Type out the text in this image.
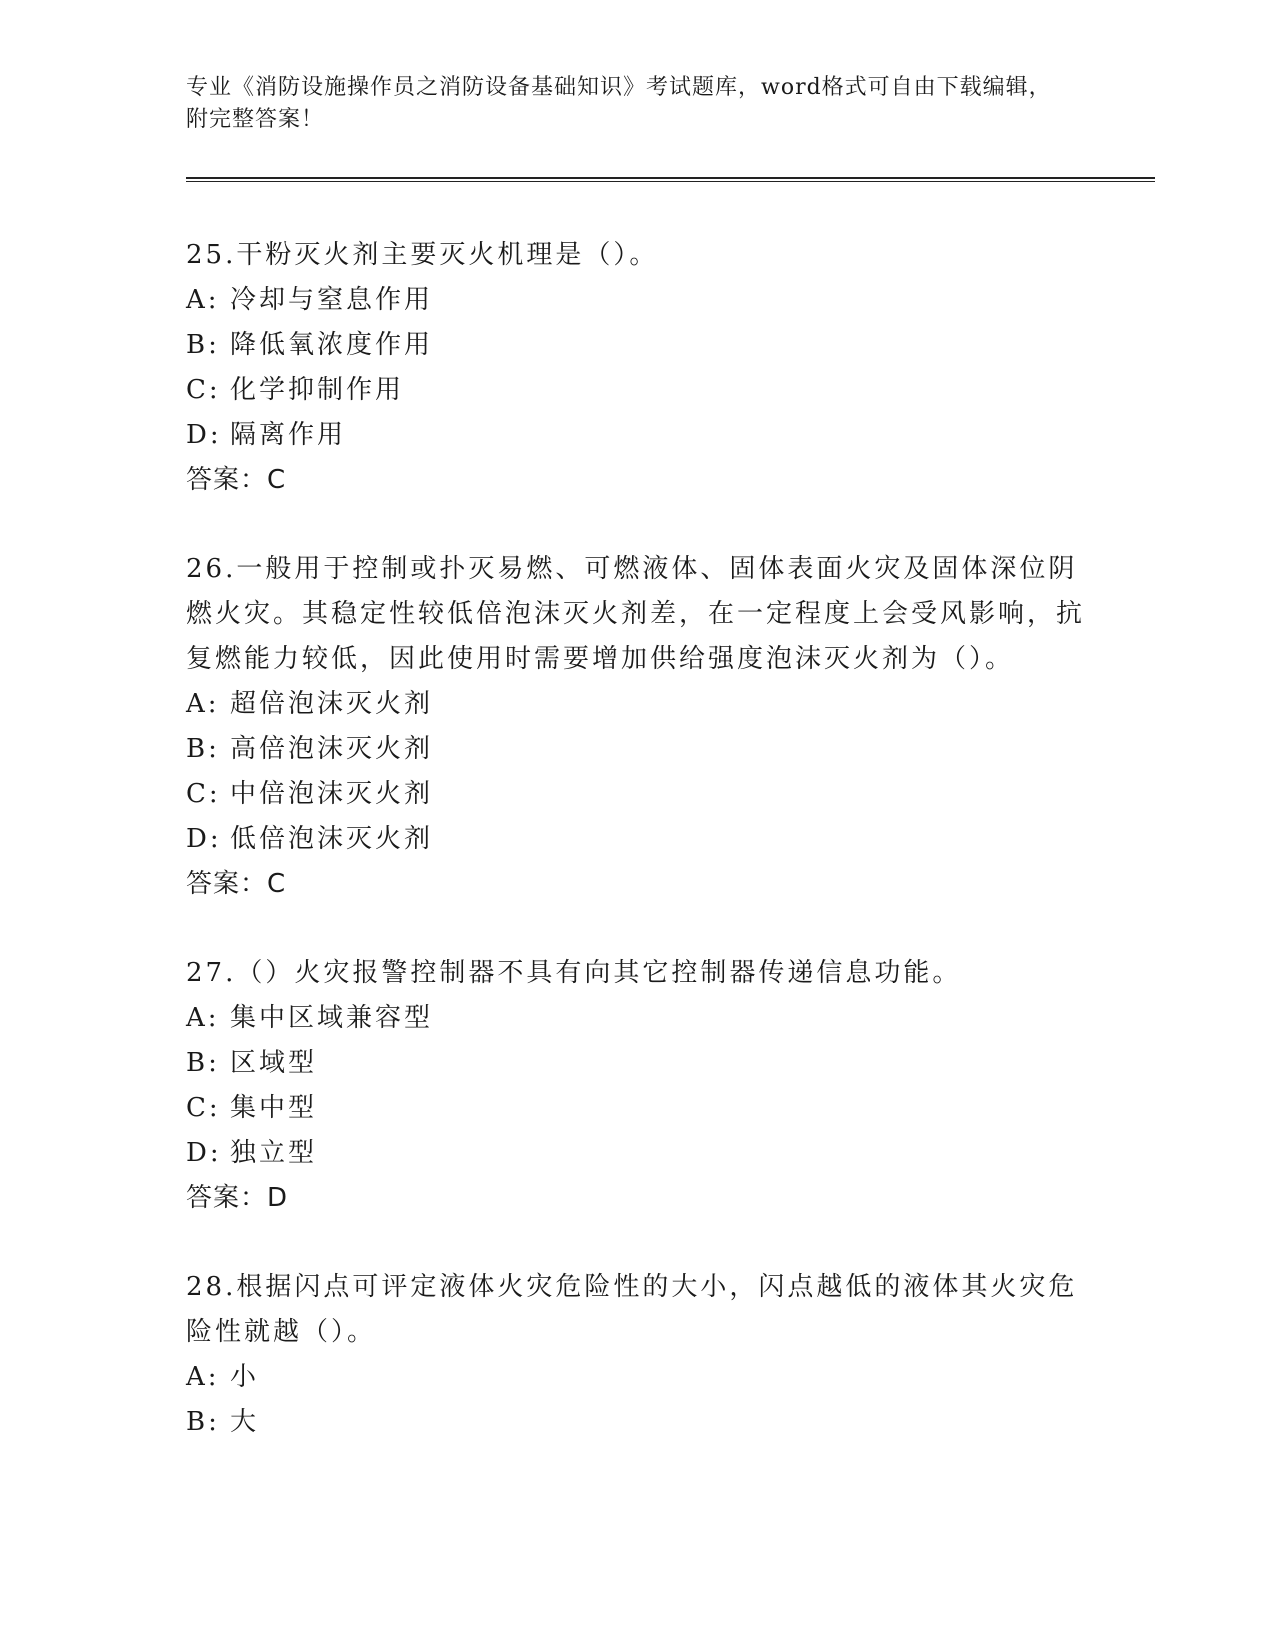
专业《消防设施操作员之消防设备基础知识》考试题库，word格式可自由下载编辑，附完整答案！

25.干粉灭火剂主要灭火机理是（）。

A: 冷却与窒息作用

B: 降低氧浓度作用

C: 化学抑制作用

D: 隔离作用

答案：C

26.一般用于控制或扑灭易燃、可燃液体、固体表面火灾及固体深位阴燃火灾。其稳定性较低倍泡沫灭火剂差，在一定程度上会受风影响，抗复燃能力较低，因此使用时需要增加供给强度泡沫灭火剂为（）。

A: 超倍泡沫灭火剂

B: 高倍泡沫灭火剂

C: 中倍泡沫灭火剂

D: 低倍泡沫灭火剂

答案：C

27.（）火灾报警控制器不具有向其它控制器传递信息功能。

A: 集中区域兼容型

B: 区域型

C: 集中型

D: 独立型

答案：D

28.根据闪点可评定液体火灾危险性的大小，闪点越低的液体其火灾危险性就越（）。

A: 小

B: 大
